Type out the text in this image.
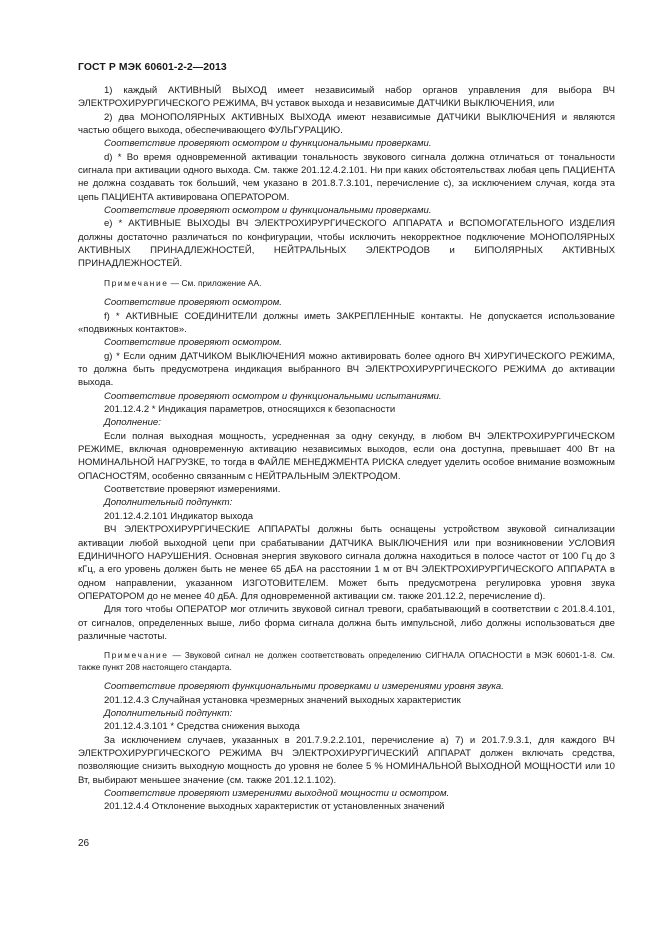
ГОСТ Р МЭК 60601-2-2—2013

1) каждый АКТИВНЫЙ ВЫХОД имеет независимый набор органов управления для выбора ВЧ ЭЛЕКТРОХИРУРГИЧЕСКОГО РЕЖИМА, ВЧ уставок выхода и независимые ДАТЧИКИ ВЫКЛЮЧЕНИЯ, или

2) два МОНОПОЛЯРНЫХ АКТИВНЫХ ВЫХОДА имеют независимые ДАТЧИКИ ВЫКЛЮЧЕНИЯ и являются частью общего выхода, обеспечивающего ФУЛЬГУРАЦИЮ.

Соответствие проверяют осмотром и функциональными проверками.

d) * Во время одновременной активации тональность звукового сигнала должна отличаться от тональности сигнала при активации одного выхода. См. также 201.12.4.2.101. Ни при каких обстоятельствах любая цепь ПАЦИЕНТА не должна создавать ток больший, чем указано в 201.8.7.3.101, перечисление с), за исключением случая, когда эта цепь ПАЦИЕНТА активирована ОПЕРАТОРОМ.

Соответствие проверяют осмотром и функциональными проверками.

e) * АКТИВНЫЕ ВЫХОДЫ ВЧ ЭЛЕКТРОХИРУРГИЧЕСКОГО АППАРАТА и ВСПОМОГАТЕЛЬНОГО ИЗДЕЛИЯ должны достаточно различаться по конфигурации, чтобы исключить некорректное подключение МОНОПОЛЯРНЫХ АКТИВНЫХ ПРИНАДЛЕЖНОСТЕЙ, НЕЙТРАЛЬНЫХ ЭЛЕКТРОДОВ и БИПОЛЯРНЫХ АКТИВНЫХ ПРИНАДЛЕЖНОСТЕЙ.

Примечание — См. приложение АА.

Соответствие проверяют осмотром.

f) * АКТИВНЫЕ СОЕДИНИТЕЛИ должны иметь ЗАКРЕПЛЕННЫЕ контакты. Не допускается использование «подвижных контактов».

Соответствие проверяют осмотром.

g) * Если одним ДАТЧИКОМ ВЫКЛЮЧЕНИЯ можно активировать более одного ВЧ ХИРУГИЧЕСКОГО РЕЖИМА, то должна быть предусмотрена индикация выбранного ВЧ ЭЛЕКТРОХИРУРГИЧЕСКОГО РЕЖИМА до активации выхода.

Соответствие проверяют осмотром и функциональными испытаниями.

201.12.4.2 * Индикация параметров, относящихся к безопасности

Дополнение:

Если полная выходная мощность, усредненная за одну секунду, в любом ВЧ ЭЛЕКТРОХИРУРГИЧЕСКОМ РЕЖИМЕ, включая одновременную активацию независимых выходов, если она доступна, превышает 400 Вт на НОМИНАЛЬНОЙ НАГРУЗКЕ, то тогда в ФАЙЛЕ МЕНЕДЖМЕНТА РИСКА следует уделить особое внимание возможным ОПАСНОСТЯМ, особенно связанным с НЕЙТРАЛЬНЫМ ЭЛЕКТРОДОМ.

Соответствие проверяют измерениями.

Дополнительный подпункт:

201.12.4.2.101 Индикатор выхода

ВЧ ЭЛЕКТРОХИРУРГИЧЕСКИЕ АППАРАТЫ должны быть оснащены устройством звуковой сигнализации активации любой выходной цепи при срабатывании ДАТЧИКА ВЫКЛЮЧЕНИЯ или при возникновении УСЛОВИЯ ЕДИНИЧНОГО НАРУШЕНИЯ. Основная энергия звукового сигнала должна находиться в полосе частот от 100 Гц до 3 кГц, а его уровень должен быть не менее 65 дБА на расстоянии 1 м от ВЧ ЭЛЕКТРОХИРУРГИЧЕСКОГО АППАРАТА в одном направлении, указанном ИЗГОТОВИТЕЛЕМ. Может быть предусмотрена регулировка уровня звука ОПЕРАТОРОМ до не менее 40 дБА. Для одновременной активации см. также 201.12.2, перечисление d).

Для того чтобы ОПЕРАТОР мог отличить звуковой сигнал тревоги, срабатывающий в соответствии с 201.8.4.101, от сигналов, определенных выше, либо форма сигнала должна быть импульсной, либо должны использоваться две различные частоты.

Примечание — Звуковой сигнал не должен соответствовать определению СИГНАЛА ОПАСНОСТИ в МЭК 60601-1-8. См. также пункт 208 настоящего стандарта.

Соответствие проверяют функциональными проверками и измерениями уровня звука.

201.12.4.3 Случайная установка чрезмерных значений выходных характеристик

Дополнительный подпункт:

201.12.4.3.101 * Средства снижения выхода

За исключением случаев, указанных в 201.7.9.2.2.101, перечисление а) 7) и 201.7.9.3.1, для каждого ВЧ ЭЛЕКТРОХИРУРГИЧЕСКОГО РЕЖИМА ВЧ ЭЛЕКТРОХИРУРГИЧЕСКИЙ АППАРАТ должен включать средства, позволяющие снизить выходную мощность до уровня не более 5 % НОМИНАЛЬНОЙ ВЫХОДНОЙ МОЩНОСТИ или 10 Вт, выбирают меньшее значение (см. также 201.12.1.102).

Соответствие проверяют измерениями выходной мощности и осмотром.

201.12.4.4 Отклонение выходных характеристик от установленных значений

26
